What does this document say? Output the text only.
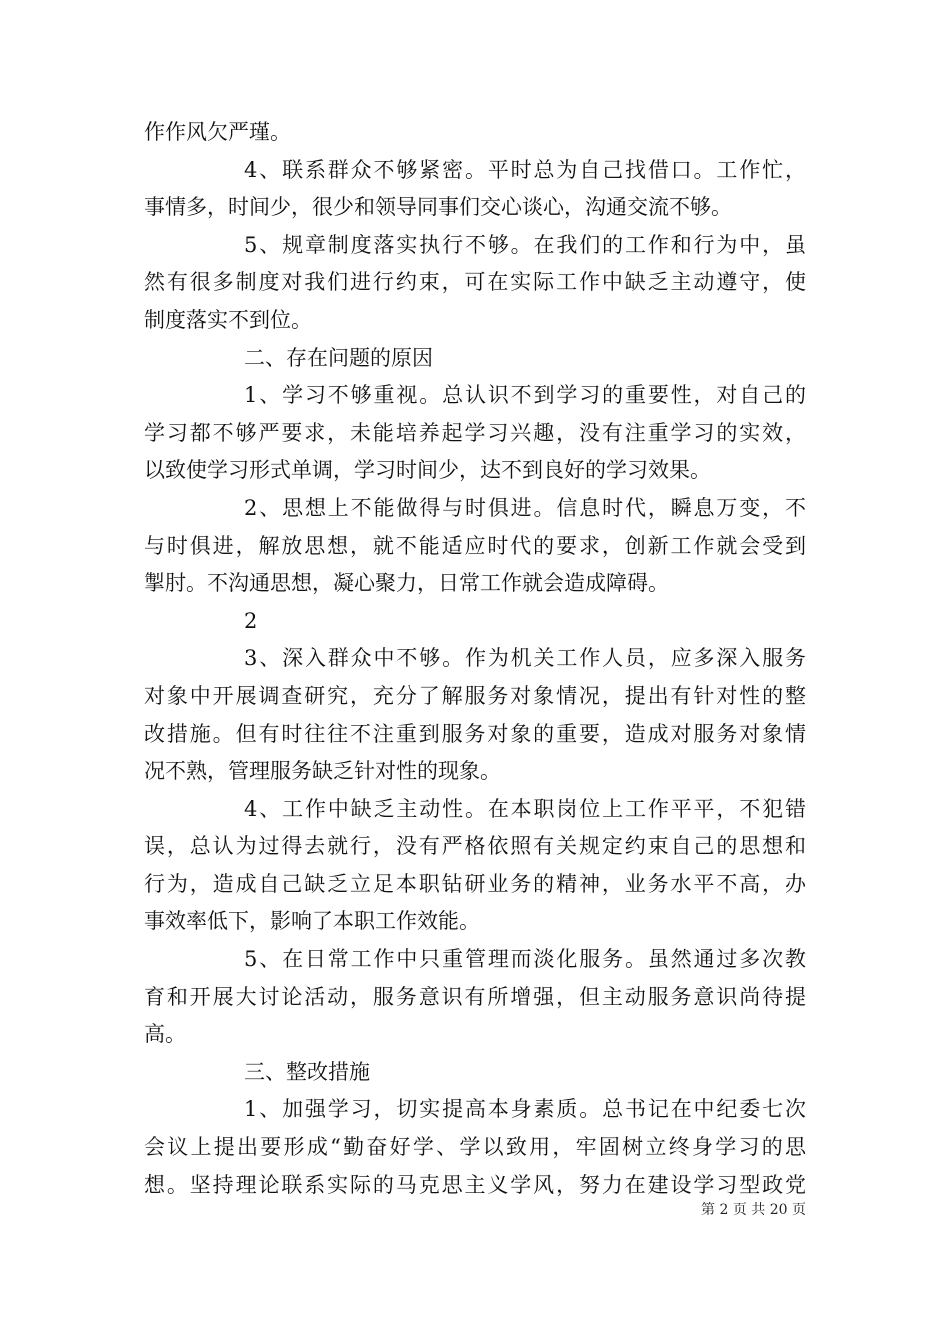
作作风欠严瑾。
4、联系群众不够紧密。平时总为自己找借口。工作忙，
事情多，时间少，很少和领导同事们交心谈心，沟通交流不够。
5、规章制度落实执行不够。在我们的工作和行为中，虽
然有很多制度对我们进行约束，可在实际工作中缺乏主动遵守，使
制度落实不到位。
二、存在问题的原因
1、学习不够重视。总认识不到学习的重要性，对自己的
学习都不够严要求，未能培养起学习兴趣，没有注重学习的实效，
以致使学习形式单调，学习时间少，达不到良好的学习效果。
2、思想上不能做得与时俱进。信息时代，瞬息万变，不
与时俱进，解放思想，就不能适应时代的要求，创新工作就会受到
掣肘。不沟通思想，凝心聚力，日常工作就会造成障碍。
2
3、深入群众中不够。作为机关工作人员，应多深入服务
对象中开展调查研究，充分了解服务对象情况，提出有针对性的整
改措施。但有时往往不注重到服务对象的重要，造成对服务对象情
况不熟，管理服务缺乏针对性的现象。
4、工作中缺乏主动性。在本职岗位上工作平平，不犯错
误，总认为过得去就行，没有严格依照有关规定约束自己的思想和
行为，造成自己缺乏立足本职钻研业务的精神，业务水平不高，办
事效率低下，影响了本职工作效能。
5、在日常工作中只重管理而淡化服务。虽然通过多次教
育和开展大讨论活动，服务意识有所增强，但主动服务意识尚待提
高。
三、整改措施
1、加强学习，切实提高本身素质。总书记在中纪委七次
会议上提出要形成“勤奋好学、学以致用，牢固树立终身学习的思
想。坚持理论联系实际的马克思主义学风，努力在建设学习型政党
第 2 页 共 20 页
